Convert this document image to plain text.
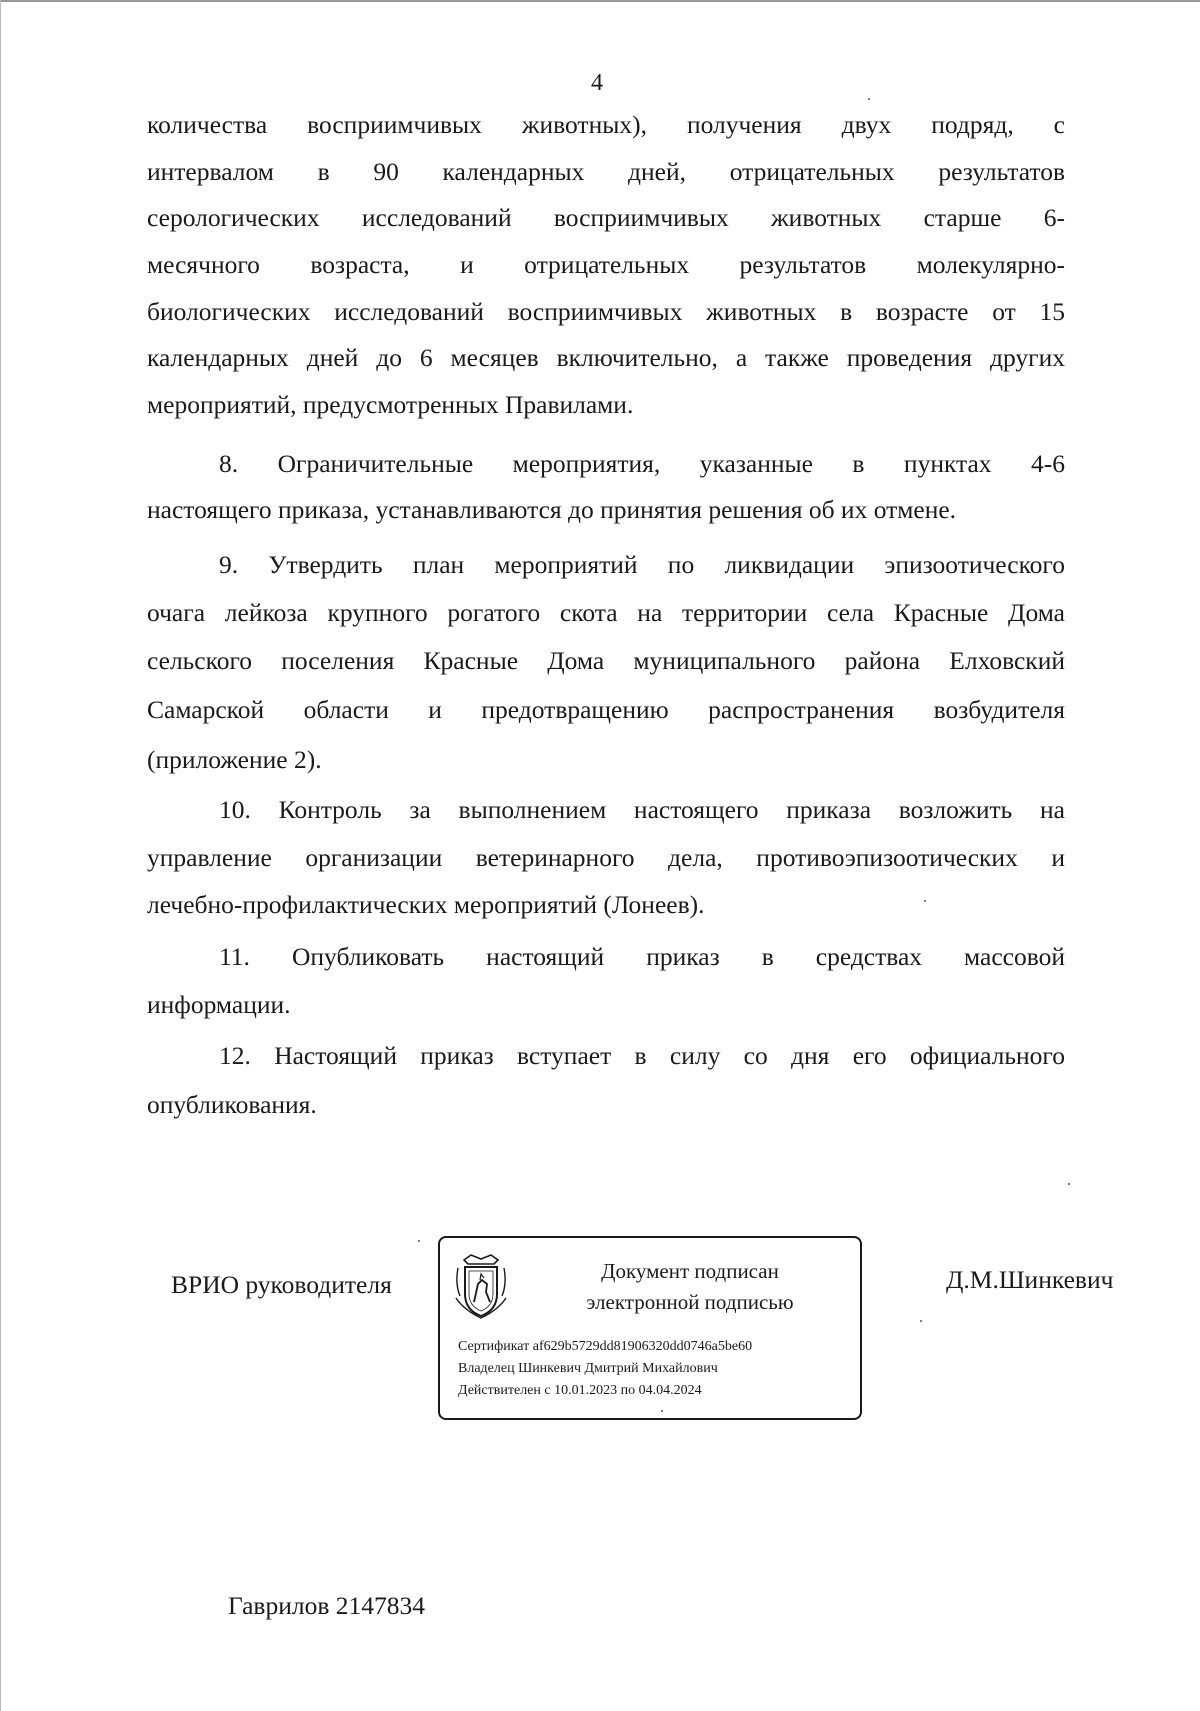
4
количества восприимчивых животных), получения двух подряд, с
интервалом в 90 календарных дней, отрицательных результатов
серологических исследований восприимчивых животных старше 6-
месячного возраста, и отрицательных результатов молекулярно-
биологических исследований восприимчивых животных в возрасте от 15
календарных дней до 6 месяцев включительно, а также проведения других
мероприятий, предусмотренных Правилами.
8. Ограничительные мероприятия, указанные в пунктах 4-6
настоящего приказа, устанавливаются до принятия решения об их отмене.
9. Утвердить план мероприятий по ликвидации эпизоотического
очага лейкоза крупного рогатого скота на территории села Красные Дома
сельского поселения Красные Дома муниципального района Елховский
Самарской области и предотвращению распространения возбудителя
(приложение 2).
10. Контроль за выполнением настоящего приказа возложить на
управление организации ветеринарного дела, противоэпизоотических и
лечебно-профилактических мероприятий (Лонеев).
11. Опубликовать настоящий приказ в средствах массовой
информации.
12. Настоящий приказ вступает в силу со дня его официального
опубликования.
ВРИО руководителя	Документ подписан
электронной подписью
Сертификат af629b5729dd81906320dd0746a5be60
Владелец Шинкевич Дмитрий Михайлович
Действителен с 10.01.2023 по 04.04.2024
Д.М.Шинкевич
Гаврилов 2147834
